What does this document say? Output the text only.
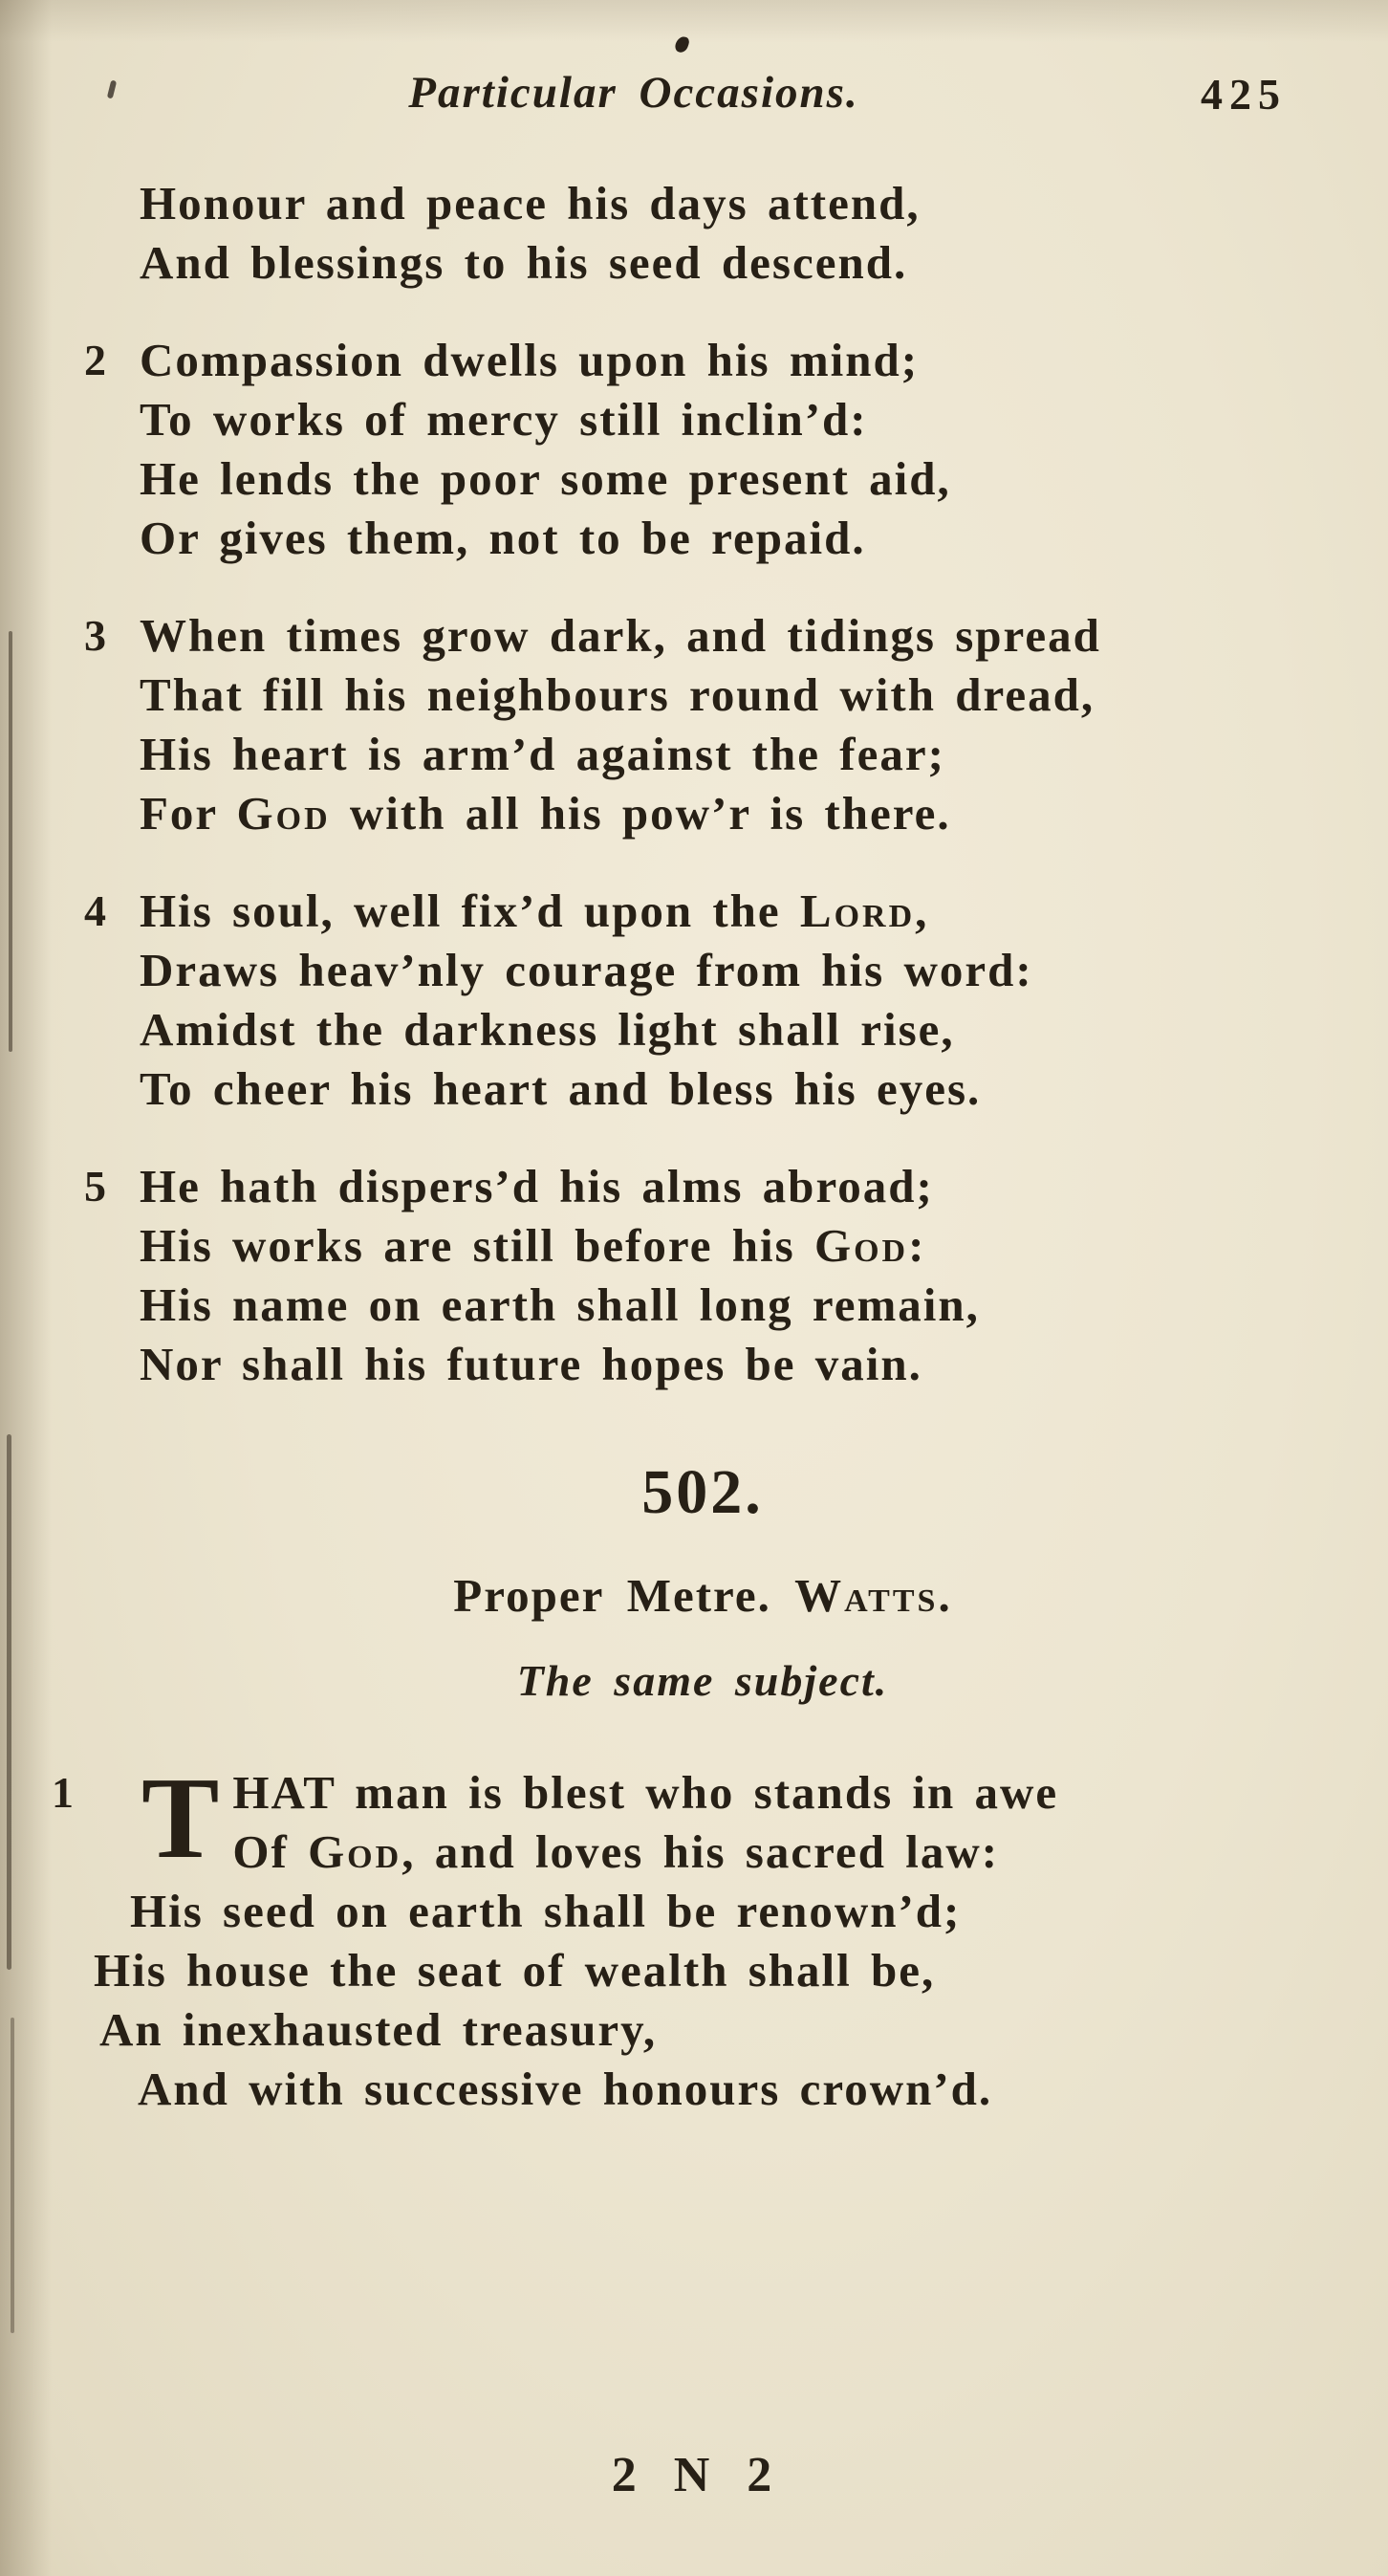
Particular Occasions.	425
Honour and peace his days attend,
And blessings to his seed descend.
2 Compassion dwells upon his mind;
To works of mercy still inclin’d:
He lends the poor some present aid,
Or gives them, not to be repaid.
3 When times grow dark, and tidings spread
That fill his neighbours round with dread,
His heart is arm’d against the fear;
For God with all his pow’r is there.
4 His soul, well fix’d upon the Lord,
Draws heav’nly courage from his word:
Amidst the darkness light shall rise,
To cheer his heart and bless his eyes.
5 He hath dispers’d his alms abroad;
His works are still before his God:
His name on earth shall long remain,
Nor shall his future hopes be vain.
502.
Proper Metre. Watts.
The same subject.
1 T HAT man is blest who stands in awe
Of God, and loves his sacred law:
His seed on earth shall be renown’d;
His house the seat of wealth shall be,
An inexhausted treasury,
And with successive honours crown’d.
2 N 2
